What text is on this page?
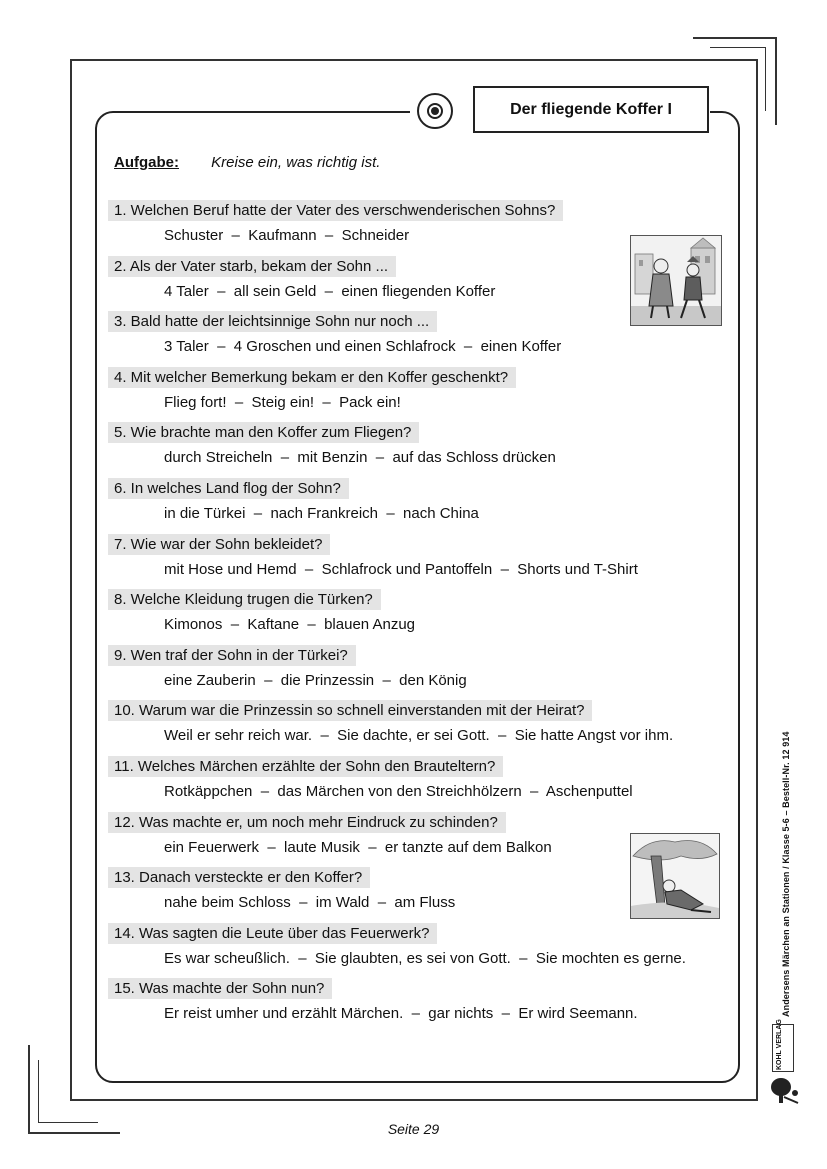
Der fliegende Koffer I
Aufgabe: Kreise ein, was richtig ist.
1. Welchen Beruf hatte der Vater des verschwenderischen Sohns?
Schuster  –  Kaufmann  –  Schneider
2. Als der Vater starb, bekam der Sohn ...
4 Taler  –  all sein Geld  –  einen fliegenden Koffer
3. Bald hatte der leichtsinnige Sohn nur noch ...
3 Taler  –  4 Groschen und einen Schlafrock  –  einen Koffer
4. Mit welcher Bemerkung bekam er den Koffer geschenkt?
Flieg fort!  –  Steig ein!  –  Pack ein!
5. Wie brachte man den Koffer zum Fliegen?
durch Streicheln  –  mit Benzin  –  auf das Schloss drücken
6. In welches Land flog der Sohn?
in die Türkei  –  nach Frankreich  –  nach China
7. Wie war der Sohn bekleidet?
mit Hose und Hemd  –  Schlafrock und Pantoffeln  –  Shorts und T-Shirt
8. Welche Kleidung trugen die Türken?
Kimonos  –  Kaftane  –  blauen Anzug
9. Wen traf der Sohn in der Türkei?
eine Zauberin  –  die Prinzessin  –  den König
10. Warum war die Prinzessin so schnell einverstanden mit der Heirat?
Weil er sehr reich war.  –  Sie dachte, er sei Gott.  –  Sie hatte Angst vor ihm.
11. Welches Märchen erzählte der Sohn den Brauteltern?
Rotkäppchen  –  das Märchen von den Streichhölzern  –  Aschenputtel
12. Was machte er, um noch mehr Eindruck zu schinden?
ein Feuerwerk  –  laute Musik  –  er tanzte auf dem Balkon
13. Danach versteckte er den Koffer?
nahe beim Schloss  –  im Wald  –  am Fluss
14. Was sagten die Leute über das Feuerwerk?
Es war scheußlich.  –  Sie glaubten, es sei von Gott.  –  Sie mochten es gerne.
15. Was machte der Sohn nun?
Er reist umher und erzählt Märchen.  –  gar nichts  –  Er wird Seemann.	Andersens Märchen an Stationen / Klasse 5-6 – Bestell-Nr. 12 914
KOHL VERLAG
Seite 29
